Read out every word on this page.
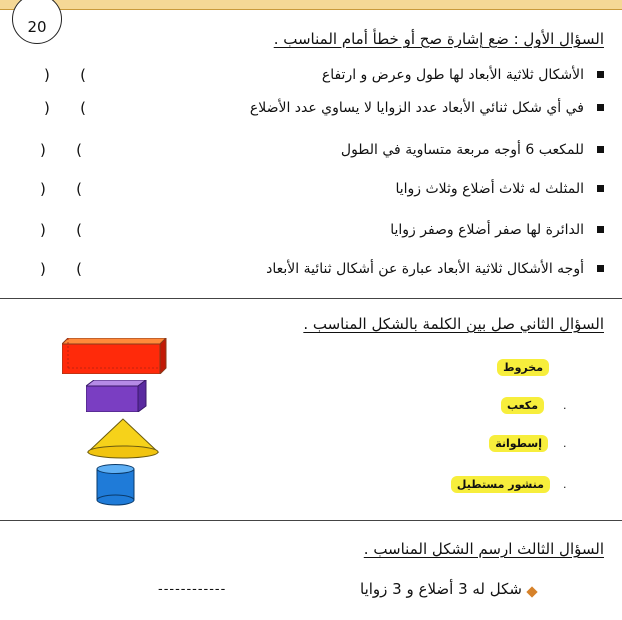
20
السؤال الأول : ضع إشارة صح أو خطأ أمام المناسب .
الأشكال ثلاثية الأبعاد لها طول وعرض و ارتفاع
) (
في أي شكل ثنائي الأبعاد عدد الزوايا لا يساوي عدد الأضلاع
) (
للمكعب 6 أوجه مربعة متساوية في الطول
) (
المثلث له ثلاث أضلاع وثلاث زوايا
) (
الدائرة لها صفر أضلاع وصفر زوايا
) (
أوجه الأشكال ثلاثية الأبعاد عبارة عن أشكال ثنائية الأبعاد
) (
السؤال الثاني صل بين الكلمة بالشكل المناسب .
مخروط
مكعب	.
إسطوانة	.
منشور مستطيل	.
السؤال الثالث ارسم الشكل المناسب .
شكل له 3 أضلاع و 3 زوايا
------------
